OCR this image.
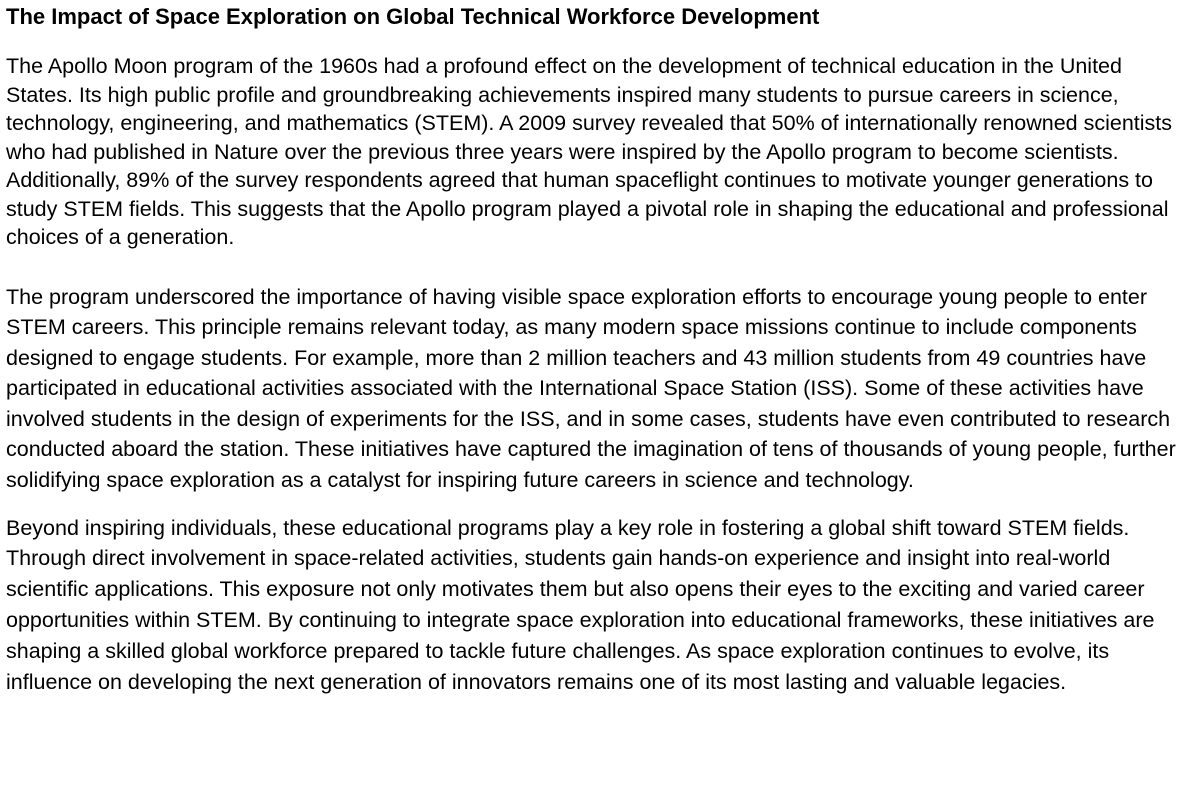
The Impact of Space Exploration on Global Technical Workforce Development

The Apollo Moon program of the 1960s had a profound effect on the development of technical education in the United States. Its high public profile and groundbreaking achievements inspired many students to pursue careers in science, technology, engineering, and mathematics (STEM). A 2009 survey revealed that 50% of internationally renowned scientists who had published in Nature over the previous three years were inspired by the Apollo program to become scientists. Additionally, 89% of the survey respondents agreed that human spaceflight continues to motivate younger generations to study STEM fields. This suggests that the Apollo program played a pivotal role in shaping the educational and professional choices of a generation.

The program underscored the importance of having visible space exploration efforts to encourage young people to enter STEM careers. This principle remains relevant today, as many modern space missions continue to include components designed to engage students. For example, more than 2 million teachers and 43 million students from 49 countries have participated in educational activities associated with the International Space Station (ISS). Some of these activities have involved students in the design of experiments for the ISS, and in some cases, students have even contributed to research conducted aboard the station. These initiatives have captured the imagination of tens of thousands of young people, further solidifying space exploration as a catalyst for inspiring future careers in science and technology.

Beyond inspiring individuals, these educational programs play a key role in fostering a global shift toward STEM fields. Through direct involvement in space-related activities, students gain hands-on experience and insight into real-world scientific applications. This exposure not only motivates them but also opens their eyes to the exciting and varied career opportunities within STEM. By continuing to integrate space exploration into educational frameworks, these initiatives are shaping a skilled global workforce prepared to tackle future challenges. As space exploration continues to evolve, its influence on developing the next generation of innovators remains one of its most lasting and valuable legacies.
